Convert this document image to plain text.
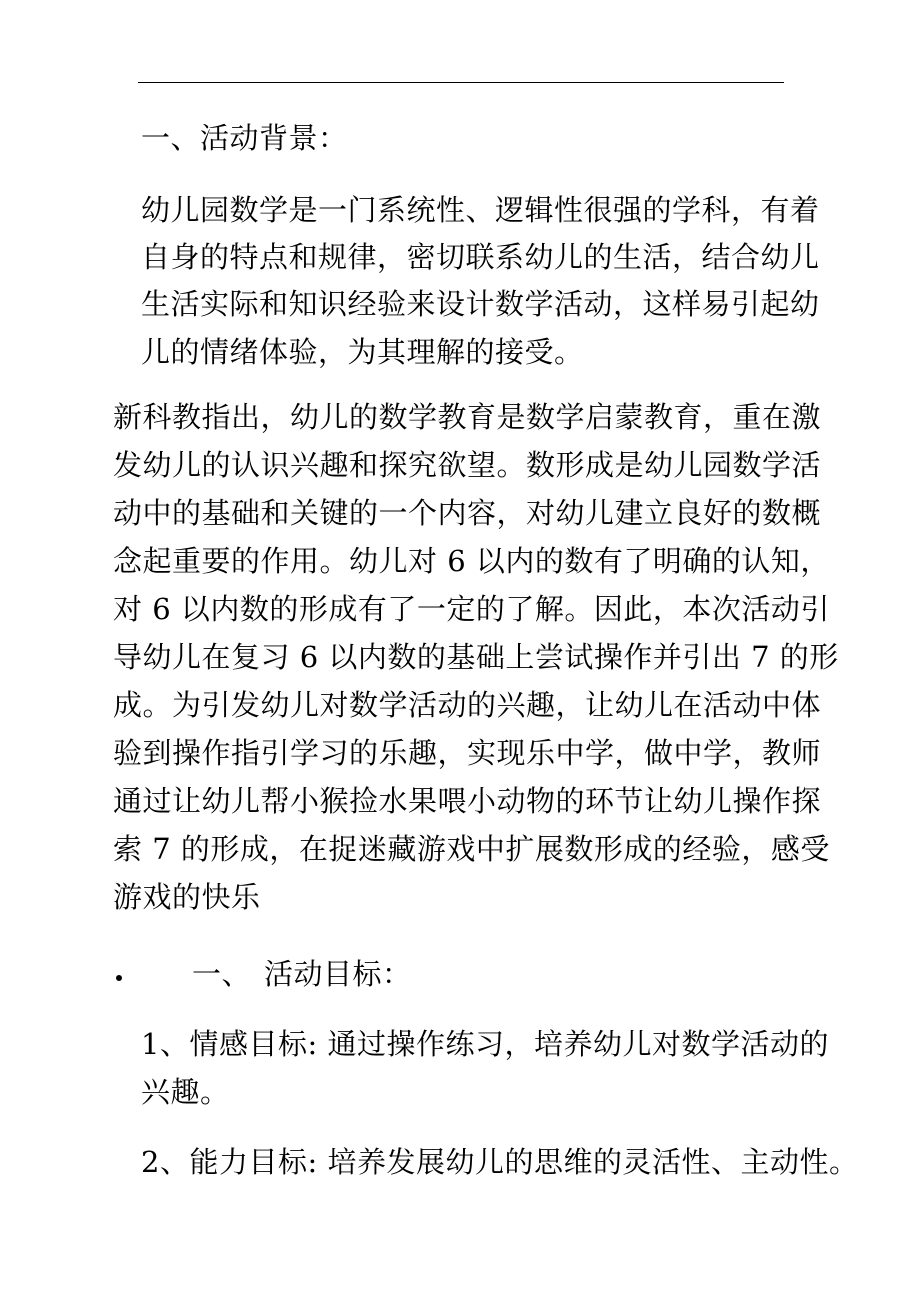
一、活动背景：
幼儿园数学是一门系统性、逻辑性很强的学科，有着
自身的特点和规律，密切联系幼儿的生活，结合幼儿
生活实际和知识经验来设计数学活动，这样易引起幼
儿的情绪体验，为其理解的接受。
新科教指出，幼儿的数学教育是数学启蒙教育，重在激
发幼儿的认识兴趣和探究欲望。数形成是幼儿园数学活
动中的基础和关键的一个内容，对幼儿建立良好的数概
念起重要的作用。幼儿对 6 以内的数有了明确的认知，
对 6 以内数的形成有了一定的了解。因此，本次活动引
导幼儿在复习 6 以内数的基础上尝试操作并引出 7 的形
成。为引发幼儿对数学活动的兴趣，让幼儿在活动中体
验到操作指引学习的乐趣，实现乐中学，做中学，教师
通过让幼儿帮小猴捡水果喂小动物的环节让幼儿操作探
索 7 的形成，在捉迷藏游戏中扩展数形成的经验，感受
游戏的快乐
一、 活动目标：
1、情感目标: 通过操作练习，培养幼儿对数学活动的
兴趣。
2、能力目标: 培养发展幼儿的思维的灵活性、主动性。
